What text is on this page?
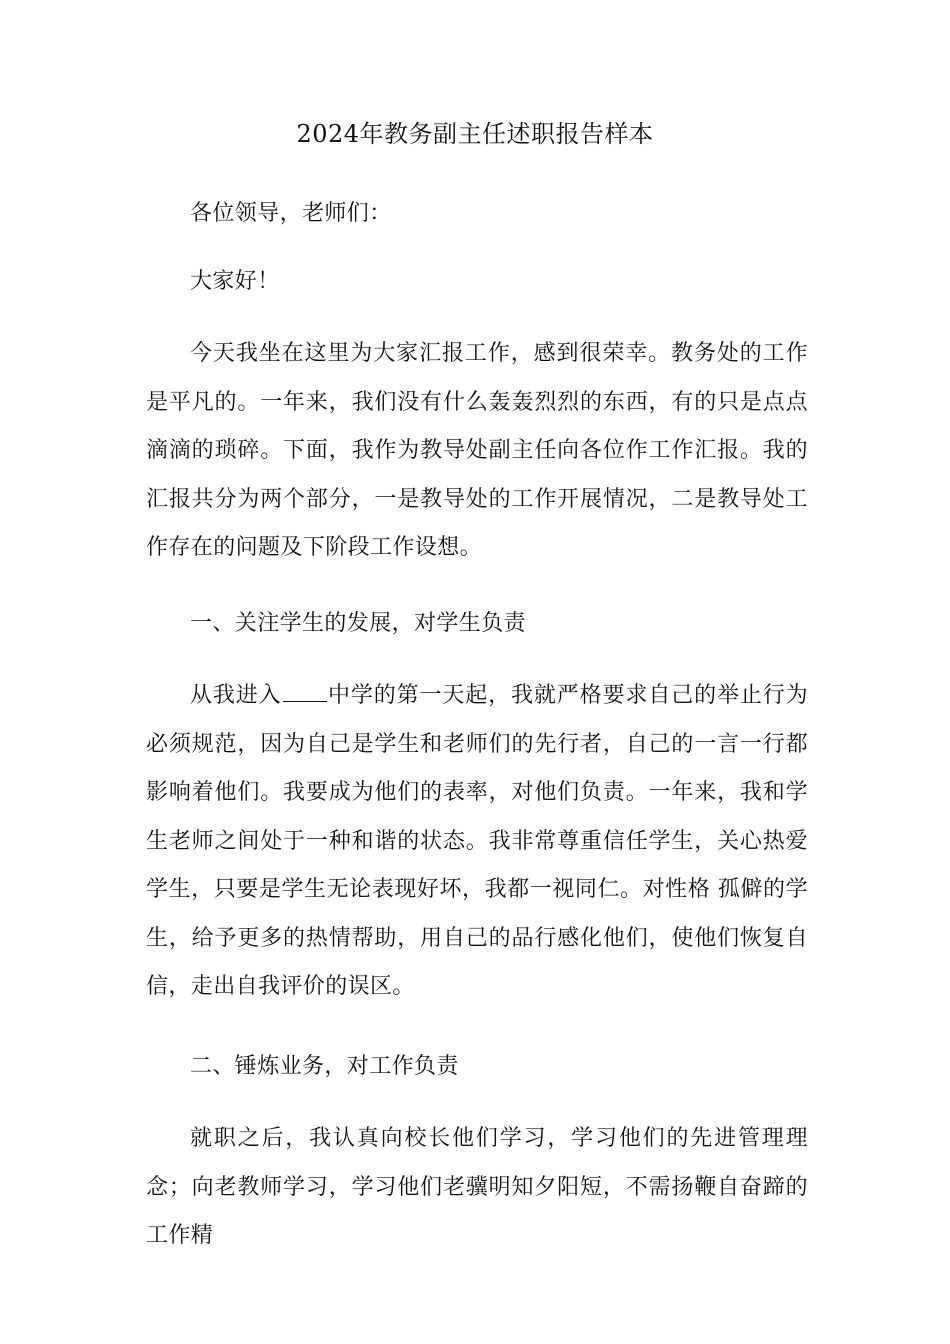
2024年教务副主任述职报告样本

各位领导，老师们：

大家好！

今天我坐在这里为大家汇报工作，感到很荣幸。教务处的工作是平凡的。一年来，我们没有什么轰轰烈烈的东西，有的只是点点滴滴的琐碎。下面，我作为教导处副主任向各位作工作汇报。我的汇报共分为两个部分，一是教导处的工作开展情况，二是教导处工作存在的问题及下阶段工作设想。

一、关注学生的发展，对学生负责

从我进入 中学的第一天起，我就严格要求自己的举止行为必须规范，因为自己是学生和老师们的先行者，自己的一言一行都影响着他们。我要成为他们的表率，对他们负责。一年来，我和学生老师之间处于一种和谐的状态。我非常尊重信任学生，关心热爱学生，只要是学生无论表现好坏，我都一视同仁。对性格 孤僻的学生，给予更多的热情帮助，用自己的品行感化他们，使他们恢复自信，走出自我评价的误区。

二、锤炼业务，对工作负责

就职之后，我认真向校长他们学习，学习他们的先进管理理念；向老教师学习，学习他们老骥明知夕阳短，不需扬鞭自奋蹄的工作精
